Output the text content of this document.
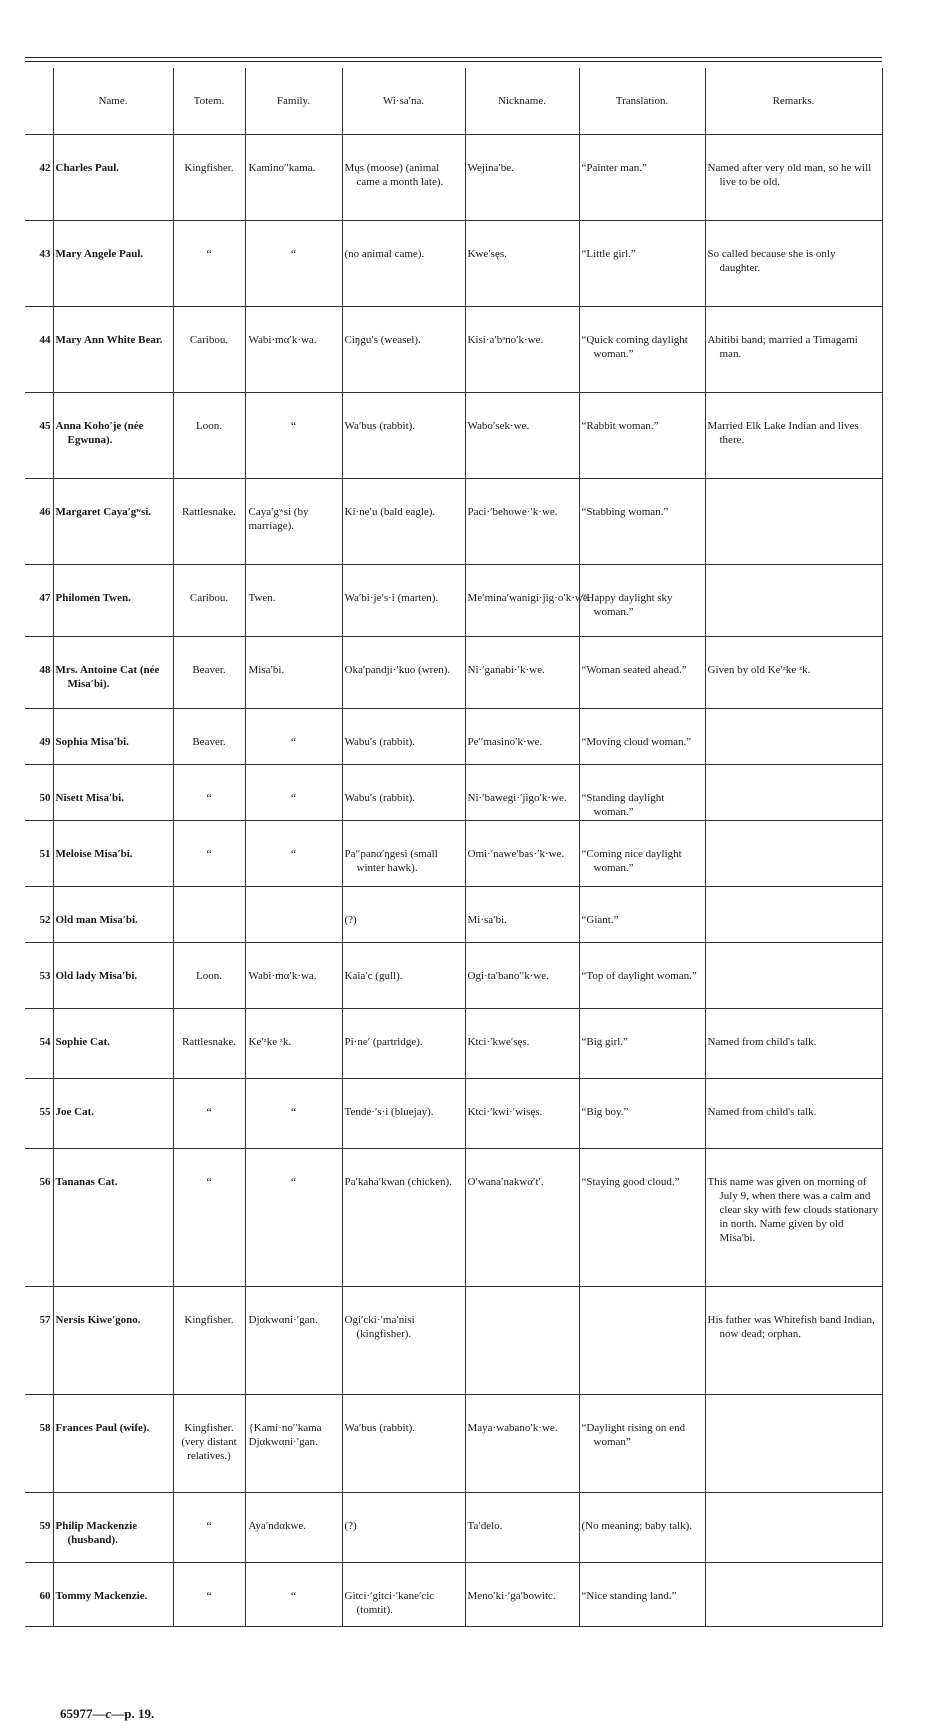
	Name.	Totem.	Family.	Wi·sa′na.	Nickname.	Translation.	Remarks.

42	Charles Paul.	Kingfisher.	Kamino′′kama.	Mųs (moose) (animal came a month late).	Wejina′be.	“Painter man.”	Named after very old man, so he will live to be old.

43	Mary Angele Paul.	“	“	(no animal came).	Kwe′sęs.	“Little girl.”	So called because she is only daughter.

44	Mary Ann White Bear.	Caribou.	Wabi·mα′k·wa.	Ciŋgu′s (weasel).	Kisi·a′bᵊno′k·we.	“Quick coming daylight woman.”	Abitibi band; married a Timagami man.

45	Anna Koho′je (née Egwuna).	Loon.	“	Wa′bus (rabbit).	Wabo′sek·we.	“Rabbit woman.”	Married Elk Lake Indian and lives there.

46	Margaret Caya′gʷsi.	Rattlesnake.	Caya′gʷsi (by marriage).	Ki·ne′u (bald eagle).	Paci·′behowe·′k·we.	“Stabbing woman.”	

47	Philomen Twen.	Caribou.	Twen.	Wa′bi·je′s·i (marten).	Me′mina′wanigi·jig·o′k·we.	“Happy daylight sky woman.”	

48	Mrs. Antoine Cat (née Misa′bi).	Beaver.	Misa′bi.	Oka′pandji·′kuo (wren).	Ni·′ganabi·′k·we.	“Woman seated ahead.”	Given by old Ke′ᶻke ᶻk.

49	Sophia Misa′bi.	Beaver.	“	Wabu′s (rabbit).	Pe′′masino′k·we.	“Moving cloud woman.”	

50	Nisett Misa′bi.	“	“	Wabu′s (rabbit).	Ni·′bawegi·′jigo′k·we.	“Standing daylight woman.”	

51	Meloise Misa′bi.	“	“	Pa′′panα′ŋgesi (small winter hawk).	Omi·′nawe′bas·′k·we.	“Coming nice daylight woman.”	

52	Old man Misa′bi.			(?)	Mi·sa′bi.	“Giant.”	

53	Old lady Misa′bi.	Loon.	Wabi·mα′k·wa.	Kaia′c (gull).	Ogi·ta′bano′′k·we.	“Top of daylight woman.”	

54	Sophie Cat.	Rattlesnake.	Ke′ᶻke ᶻk.	Pi·ne′ (partridge).	Ktci·′kwe′sęs.	“Big girl.”	Named from child's talk.

55	Joe Cat.	“	“	Tende·′s·i (bluejay).	Ktci·′kwi·′wisęs.	“Big boy.”	Named from child's talk.

56	Tananas Cat.	“	“	Pa′kaha′kwan (chicken).	O′wana′nakwα′t′.	“Staying good cloud.”	This name was given on morning of July 9, when there was a calm and clear sky with few clouds stationary in north. Name given by old Misa′bi.

57	Nersis Kiwe′gono.	Kingfisher.	Djαkwαni·′gan.	Ogi′cki·′ma′nisi (kingfisher).			His father was Whitefish band Indian, now dead; orphan.

58	Frances Paul (wife).	Kingfisher. (very distant relatives.)	{Kami·no′′kama Djαkwαni·′gan.	Wa′bus (rabbit).	Maya·wabano′k·we.	“Daylight rising on end woman”	

59	Philip Mackenzie (husband).	“	Aya′ndαkwe.	(?)	Ta′delo.	(No meaning; baby talk).	

60	Tommy Mackenzie.	“	“	Gitci·′gitci·′kane′cic (tomtit).	Meno′ki·′ga′bowitc.	“Nice standing land.”	

65977—c—p. 19.
